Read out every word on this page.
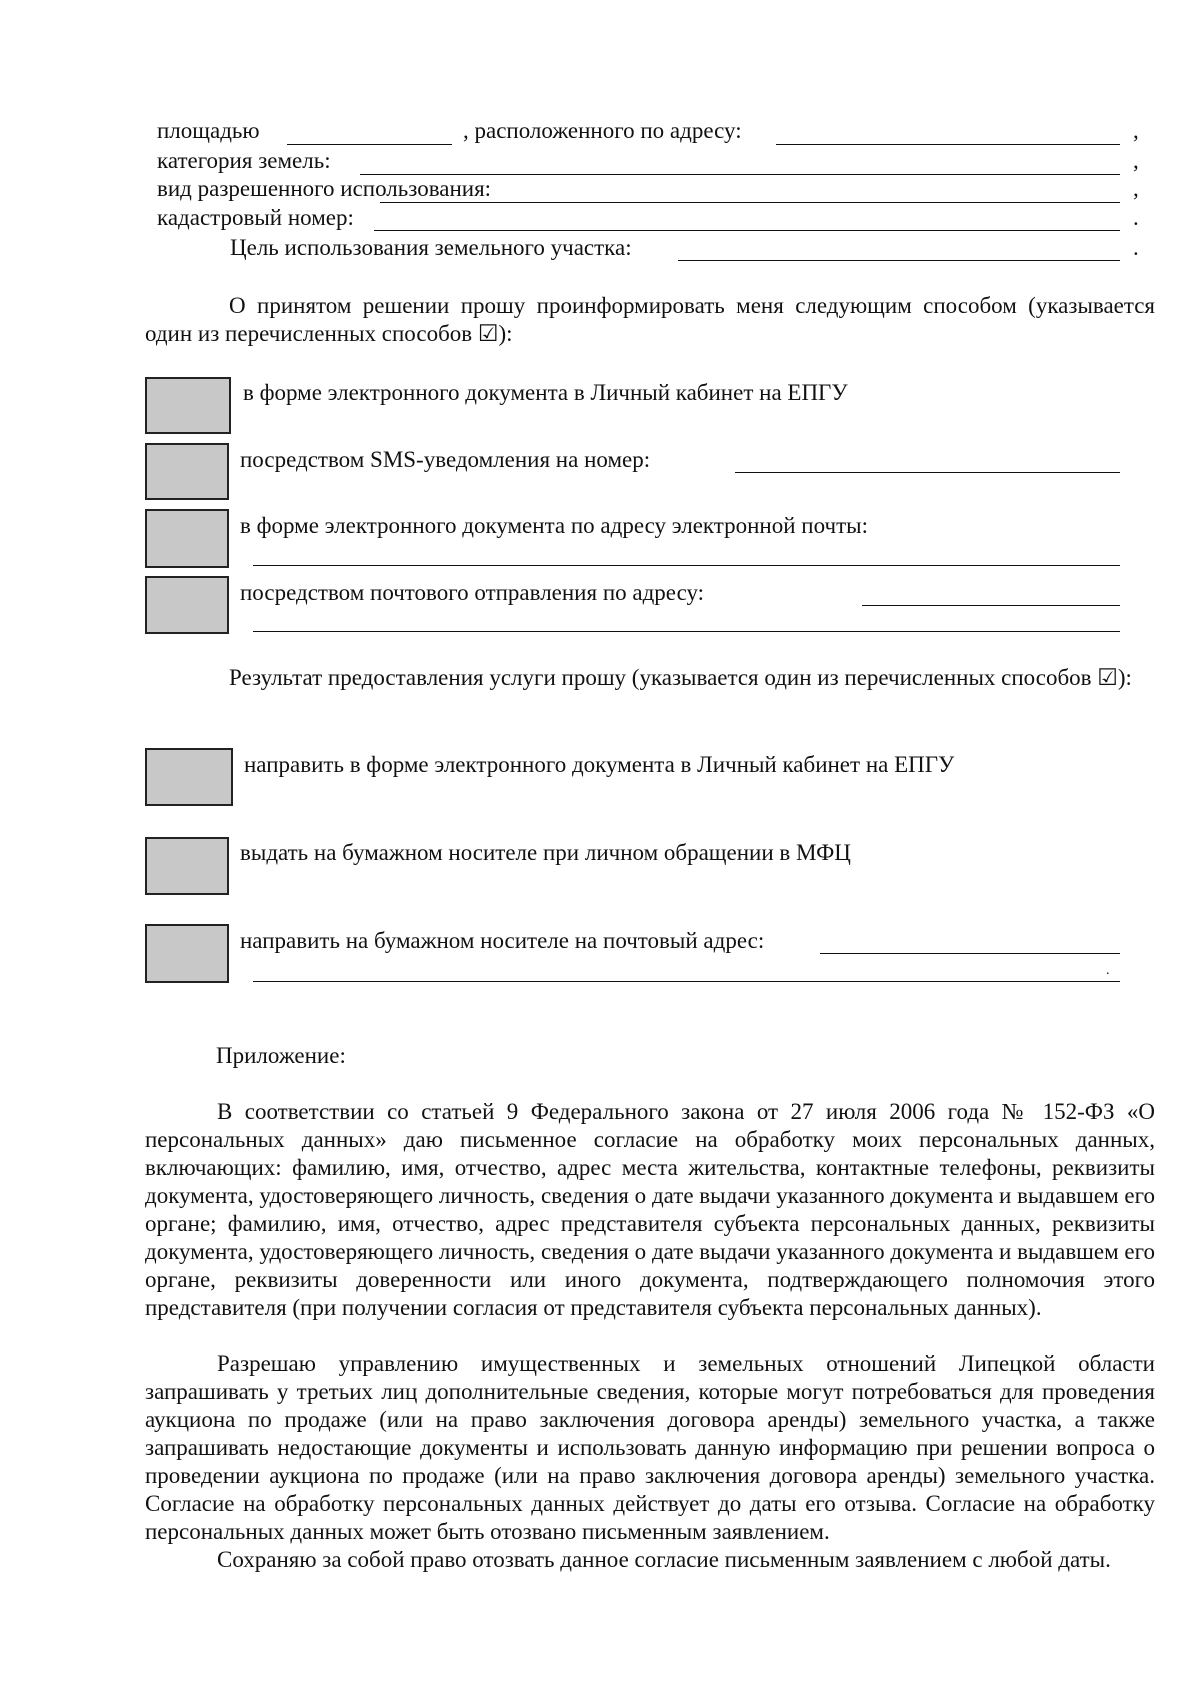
площадью	, расположенного по адресу:	,
категория земель:	,
вид разрешенного использования:	,
кадастровый номер:	.
Цель использования земельного участка:	.
О принятом решении прошу проинформировать меня следующим способом (указывается один из перечисленных способов ☑):
в форме электронного документа в Личный кабинет на ЕПГУ
посредством SMS-уведомления на номер:
в форме электронного документа по адресу электронной почты:
посредством почтового отправления по адресу:
Результат предоставления услуги прошу (указывается один из перечисленных способов ☑):
направить в форме электронного документа в Личный кабинет на ЕПГУ
выдать на бумажном носителе при личном обращении в МФЦ
направить на бумажном носителе на почтовый адрес:
.
Приложение:
В соответствии со статьей 9 Федерального закона от 27 июля 2006 года № 152-ФЗ «О персональных данных» даю письменное согласие на обработку моих персональных данных, включающих: фамилию, имя, отчество, адрес места жительства, контактные телефоны, реквизиты документа, удостоверяющего личность, сведения о дате выдачи указанного документа и выдавшем его органе; фамилию, имя, отчество, адрес представителя субъекта персональных данных, реквизиты документа, удостоверяющего личность, сведения о дате выдачи указанного документа и выдавшем его органе, реквизиты доверенности или иного документа, подтверждающего полномочия этого представителя (при получении согласия от представителя субъекта персональных данных).
Разрешаю управлению имущественных и земельных отношений Липецкой области запрашивать у третьих лиц дополнительные сведения, которые могут потребоваться для проведения аукциона по продаже (или на право заключения договора аренды) земельного участка, а также запрашивать недостающие документы и использовать данную информацию при решении вопроса о проведении аукциона по продаже (или на право заключения договора аренды) земельного участка. Согласие на обработку персональных данных действует до даты его отзыва. Согласие на обработку персональных данных может быть отозвано письменным заявлением.
Сохраняю за собой право отозвать данное согласие письменным заявлением с любой даты.
